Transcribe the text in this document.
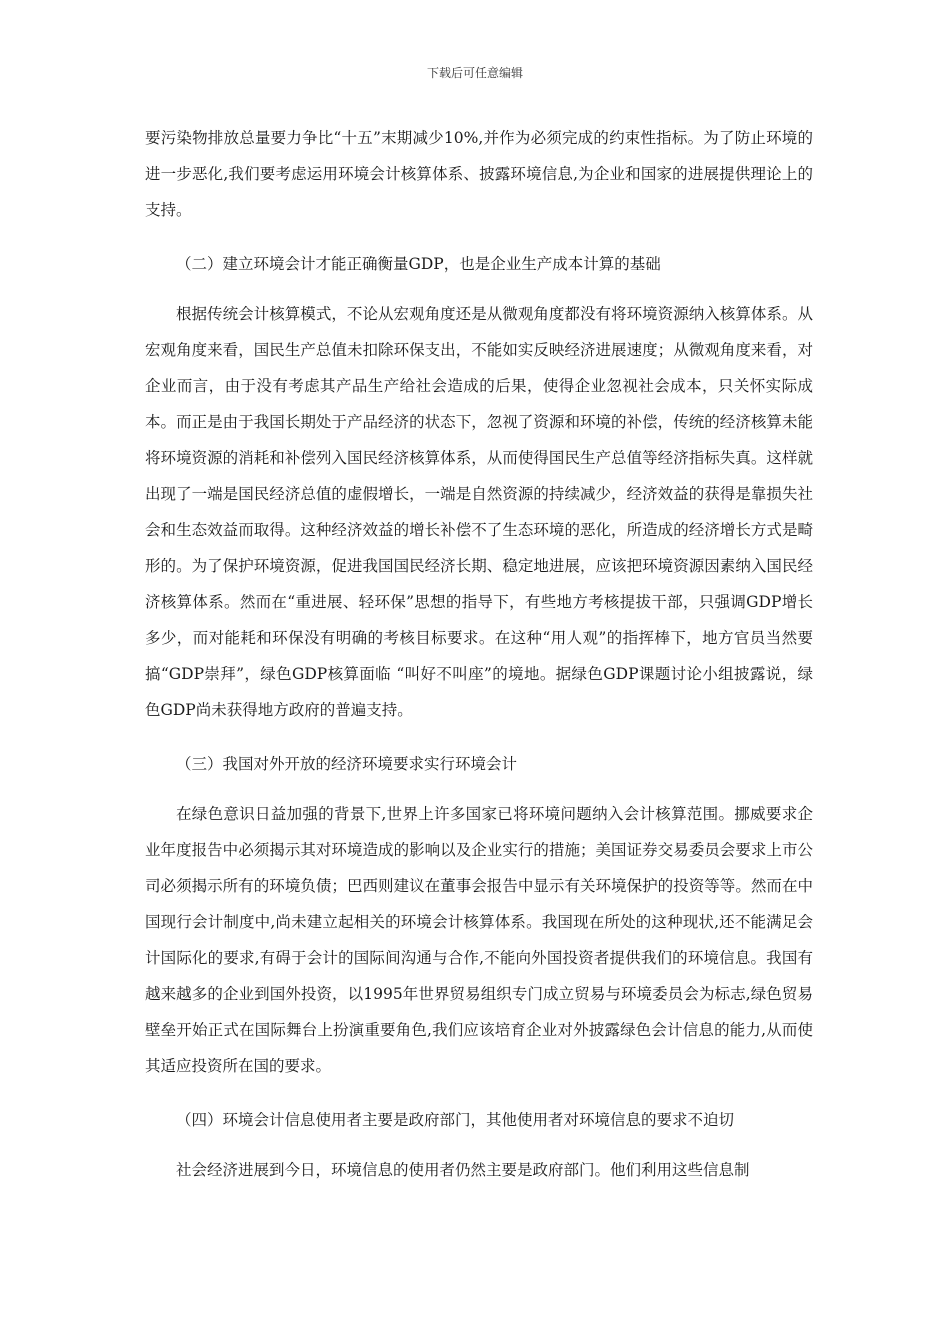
下载后可任意编辑

要污染物排放总量要力争比“十五”末期减少10%,并作为必须完成的约束性指标。为了防止环境的进一步恶化,我们要考虑运用环境会计核算体系、披露环境信息,为企业和国家的进展提供理论上的支持。

（二）建立环境会计才能正确衡量GDP，也是企业生产成本计算的基础

根据传统会计核算模式，不论从宏观角度还是从微观角度都没有将环境资源纳入核算体系。从宏观角度来看，国民生产总值未扣除环保支出，不能如实反映经济进展速度；从微观角度来看，对企业而言，由于没有考虑其产品生产给社会造成的后果，使得企业忽视社会成本，只关怀实际成本。而正是由于我国长期处于产品经济的状态下，忽视了资源和环境的补偿，传统的经济核算未能将环境资源的消耗和补偿列入国民经济核算体系，从而使得国民生产总值等经济指标失真。这样就出现了一端是国民经济总值的虚假增长，一端是自然资源的持续减少，经济效益的获得是靠损失社会和生态效益而取得。这种经济效益的增长补偿不了生态环境的恶化，所造成的经济增长方式是畸形的。为了保护环境资源，促进我国国民经济长期、稳定地进展，应该把环境资源因素纳入国民经济核算体系。然而在“重进展、轻环保”思想的指导下，有些地方考核提拔干部，只强调GDP增长多少，而对能耗和环保没有明确的考核目标要求。在这种“用人观”的指挥棒下，地方官员当然要搞“GDP崇拜”，绿色GDP核算面临 “叫好不叫座”的境地。据绿色GDP课题讨论小组披露说，绿色GDP尚未获得地方政府的普遍支持。

（三）我国对外开放的经济环境要求实行环境会计

在绿色意识日益加强的背景下,世界上许多国家已将环境问题纳入会计核算范围。挪威要求企业年度报告中必须揭示其对环境造成的影响以及企业实行的措施；美国证券交易委员会要求上市公司必须揭示所有的环境负债；巴西则建议在董事会报告中显示有关环境保护的投资等等。然而在中国现行会计制度中,尚未建立起相关的环境会计核算体系。我国现在所处的这种现状,还不能满足会计国际化的要求,有碍于会计的国际间沟通与合作,不能向外国投资者提供我们的环境信息。我国有越来越多的企业到国外投资，以1995年世界贸易组织专门成立贸易与环境委员会为标志,绿色贸易壁垒开始正式在国际舞台上扮演重要角色,我们应该培育企业对外披露绿色会计信息的能力,从而使其适应投资所在国的要求。

（四）环境会计信息使用者主要是政府部门，其他使用者对环境信息的要求不迫切

社会经济进展到今日，环境信息的使用者仍然主要是政府部门。他们利用这些信息制
